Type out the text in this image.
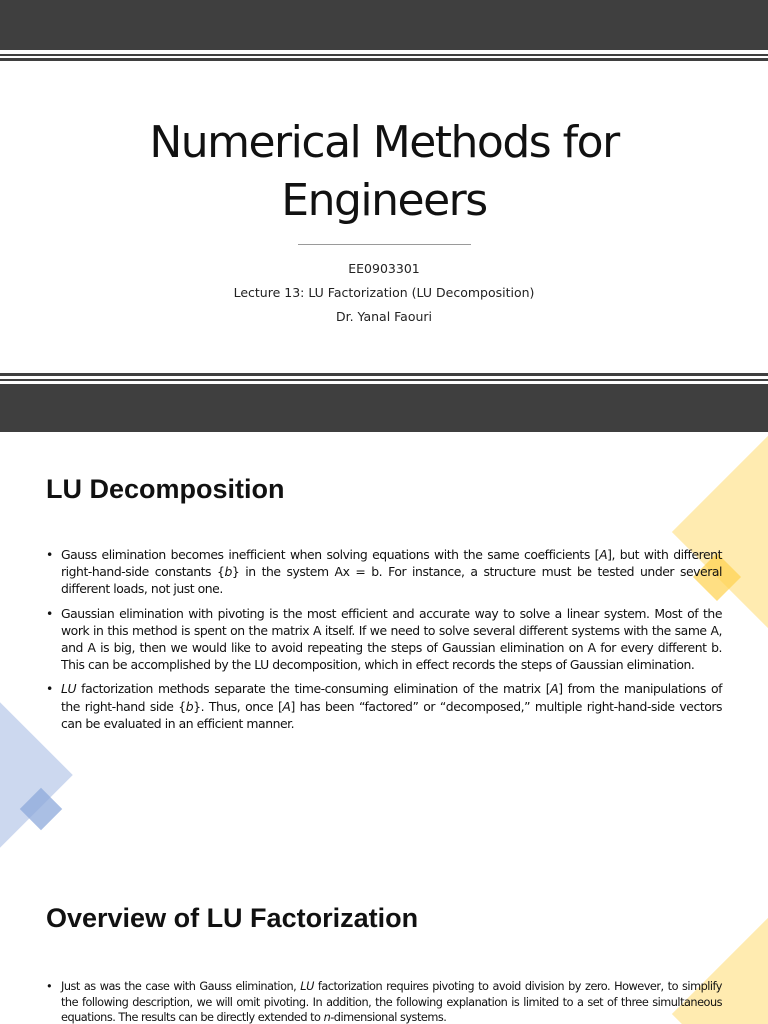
Numerical Methods for
Engineers
EE0903301
Lecture 13: LU Factorization (LU Decomposition)
Dr. Yanal Faouri
LU Decomposition
• Gauss elimination becomes inefficient when solving equations with the same coefficients [A], but with different right-hand-side constants {b} in the system Ax = b. For instance, a structure must be tested under several different loads, not just one.
• Gaussian elimination with pivoting is the most efficient and accurate way to solve a linear system. Most of the work in this method is spent on the matrix A itself. If we need to solve several different systems with the same A, and A is big, then we would like to avoid repeating the steps of Gaussian elimination on A for every different b. This can be accomplished by the LU decomposition, which in effect records the steps of Gaussian elimination.
• LU factorization methods separate the time-consuming elimination of the matrix [A] from the manipulations of the right-hand side {b}. Thus, once [A] has been “factored” or “decomposed,” multiple right-hand-side vectors can be evaluated in an efficient manner.
Overview of LU Factorization
• Just as was the case with Gauss elimination, LU factorization requires pivoting to avoid division by zero. However, to simplify the following description, we will omit pivoting. In addition, the following explanation is limited to a set of three simultaneous equations. The results can be directly extended to n-dimensional systems.
